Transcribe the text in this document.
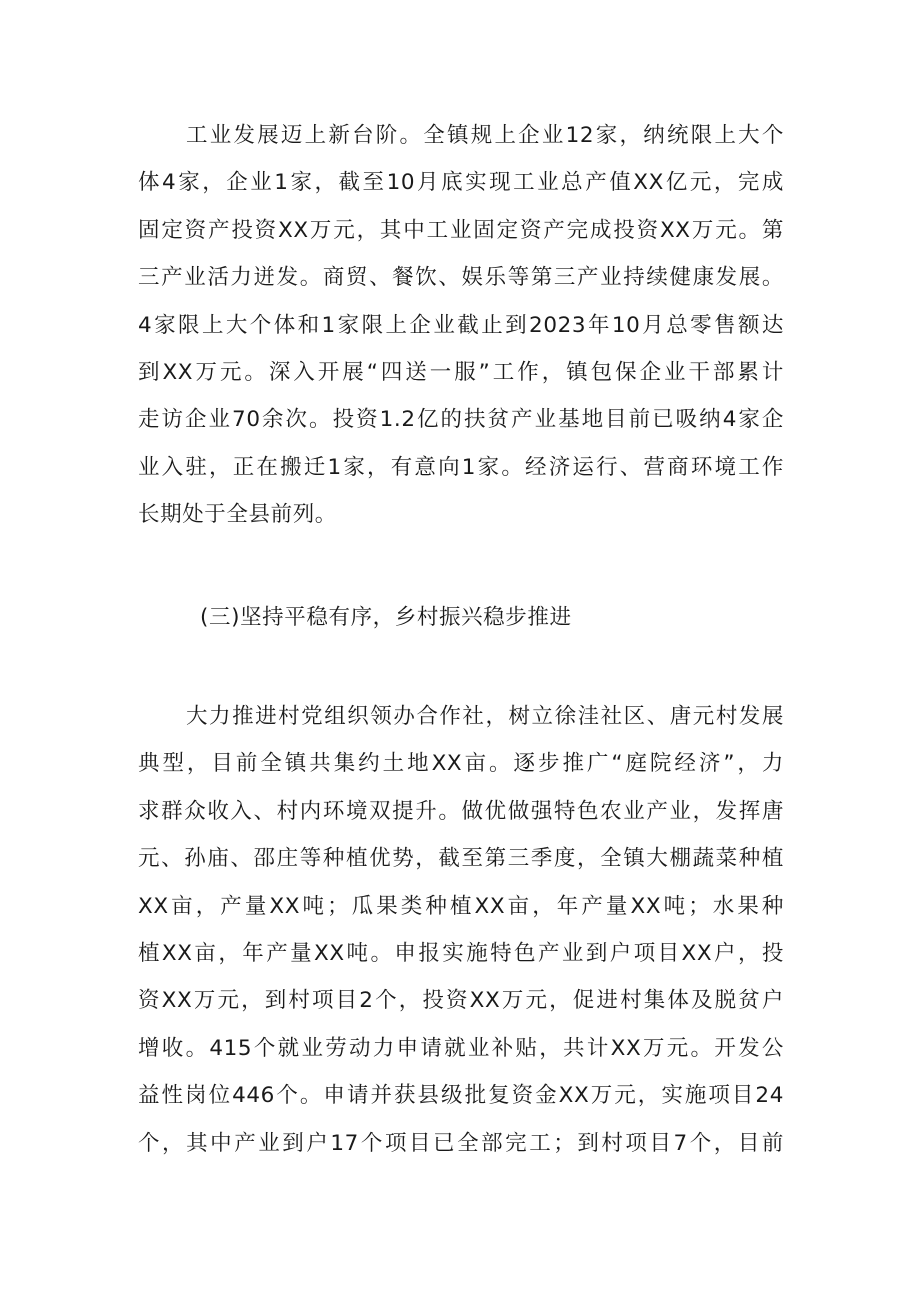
工业发展迈上新台阶。全镇规上企业12家，纳统限上大个
体4家，企业1家，截至10月底实现工业总产值XX亿元，完成
固定资产投资XX万元，其中工业固定资产完成投资XX万元。第
三产业活力迸发。商贸、餐饮、娱乐等第三产业持续健康发展。
4家限上大个体和1家限上企业截止到2023年10月总零售额达
到XX万元。深入开展“四送一服”工作，镇包保企业干部累计
走访企业70余次。投资1.2亿的扶贫产业基地目前已吸纳4家企
业入驻，正在搬迁1家，有意向1家。经济运行、营商环境工作
长期处于全县前列。
大力推进村党组织领办合作社，树立徐洼社区、唐元村发展
典型，目前全镇共集约土地XX亩。逐步推广“庭院经济”，力
求群众收入、村内环境双提升。做优做强特色农业产业，发挥唐
元、孙庙、邵庄等种植优势，截至第三季度，全镇大棚蔬菜种植
XX亩，产量XX吨；瓜果类种植XX亩，年产量XX吨；水果种
植XX亩，年产量XX吨。申报实施特色产业到户项目XX户，投
资XX万元，到村项目2个，投资XX万元，促进村集体及脱贫户
增收。415个就业劳动力申请就业补贴，共计XX万元。开发公
益性岗位446个。申请并获县级批复资金XX万元，实施项目24
个，其中产业到户17个项目已全部完工；到村项目7个，目前
(三)坚持平稳有序，乡村振兴稳步推进
